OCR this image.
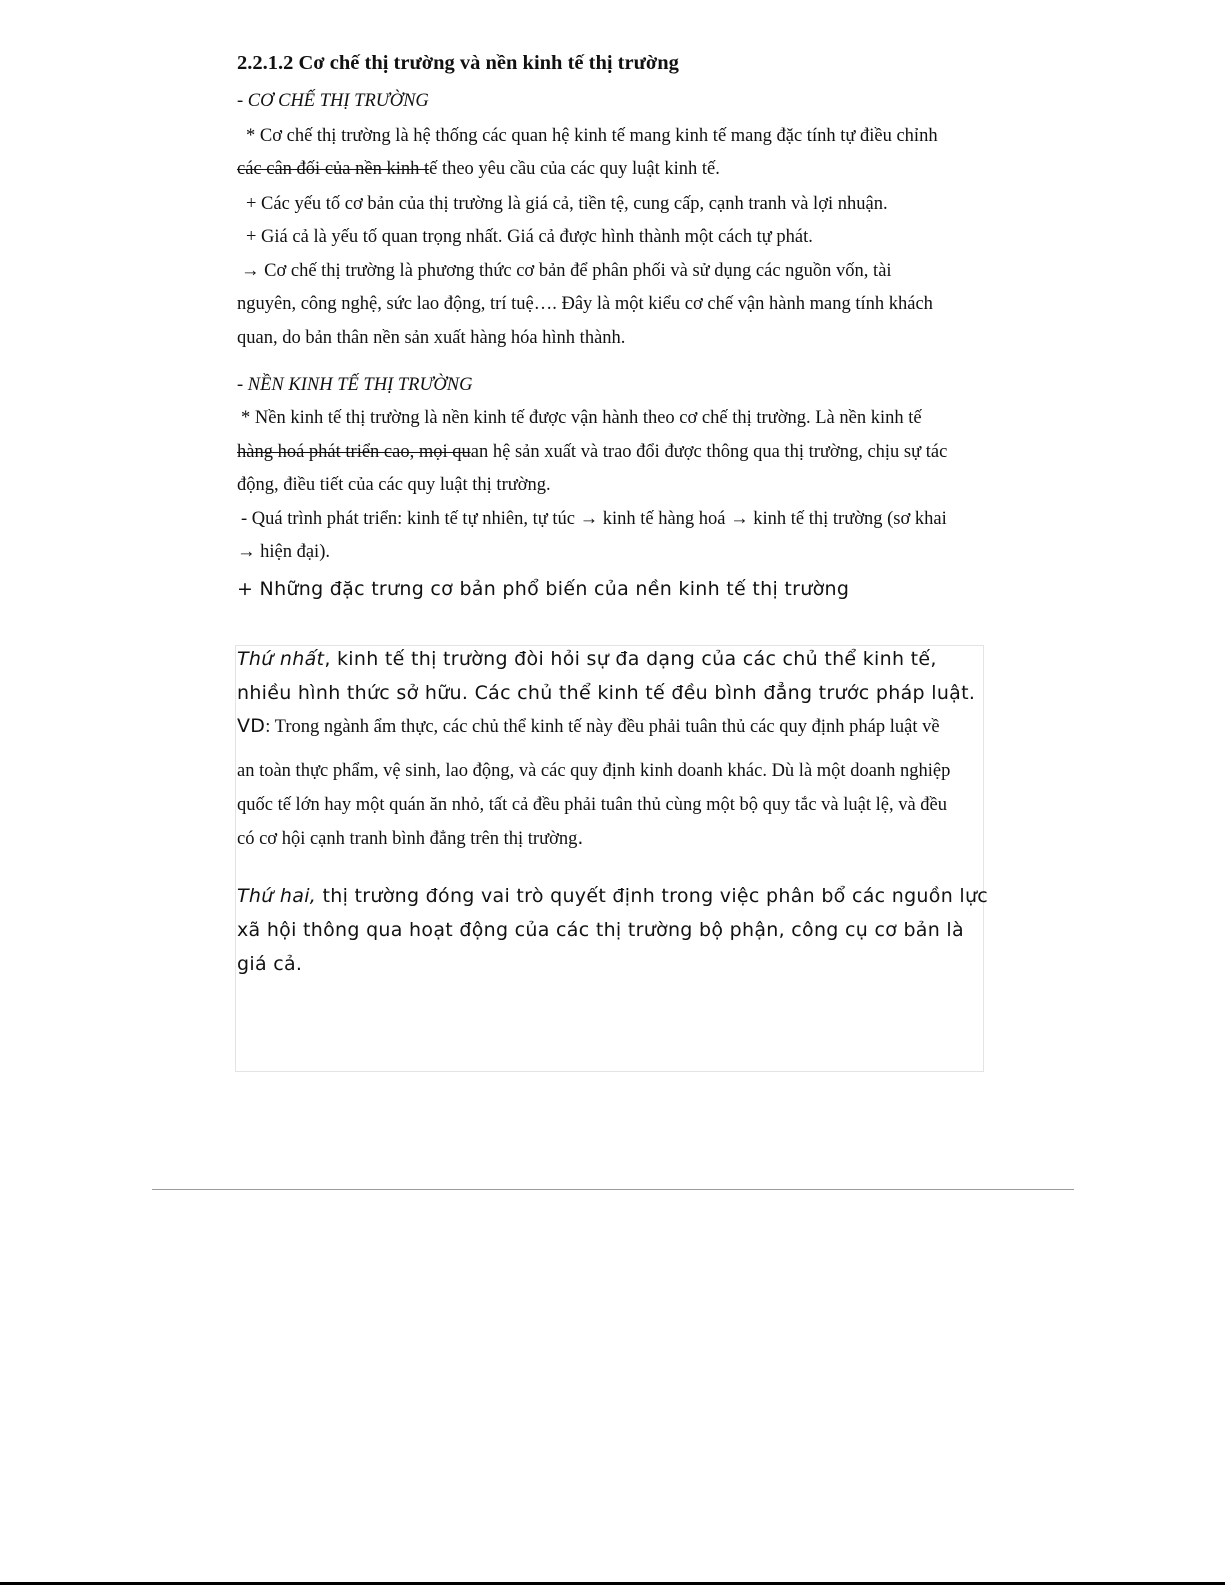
2.2.1.2 Cơ chế thị trường và nền kinh tế thị trường
- CƠ CHẾ THỊ TRƯỜNG
* Cơ chế thị trường là hệ thống các quan hệ kinh tế mang kinh tế mang đặc tính tự điều chỉnh
các cân đối của nền kinh tế theo yêu cầu của các quy luật kinh tế.
+ Các yếu tố cơ bản của thị trường là giá cả, tiền tệ, cung cấp, cạnh tranh và lợi nhuận.
+ Giá cả là yếu tố quan trọng nhất. Giá cả được hình thành một cách tự phát.
→ Cơ chế thị trường là phương thức cơ bản để phân phối và sử dụng các nguồn vốn, tài
nguyên, công nghệ, sức lao động, trí tuệ…. Đây là một kiểu cơ chế vận hành mang tính khách
quan, do bản thân nền sản xuất hàng hóa hình thành.
- NỀN KINH TẾ THỊ TRƯỜNG
* Nền kinh tế thị trường là nền kinh tế được vận hành theo cơ chế thị trường. Là nền kinh tế
hàng hoá phát triển cao, mọi quan hệ sản xuất và trao đổi được thông qua thị trường, chịu sự tác
động, điều tiết của các quy luật thị trường.
- Quá trình phát triển: kinh tế tự nhiên, tự túc → kinh tế hàng hoá → kinh tế thị trường (sơ khai
→ hiện đại).
+ Những đặc trưng cơ bản phổ biến của nền kinh tế thị trường
Thứ nhất, kinh tế thị trường đòi hỏi sự đa dạng của các chủ thể kinh tế,
nhiều hình thức sở hữu. Các chủ thể kinh tế đều bình đẳng trước pháp luật.
VD: Trong ngành ẩm thực, các chủ thể kinh tế này đều phải tuân thủ các quy định pháp luật về
an toàn thực phẩm, vệ sinh, lao động, và các quy định kinh doanh khác. Dù là một doanh nghiệp
quốc tế lớn hay một quán ăn nhỏ, tất cả đều phải tuân thủ cùng một bộ quy tắc và luật lệ, và đều
có cơ hội cạnh tranh bình đẳng trên thị trường.
Thứ hai, thị trường đóng vai trò quyết định trong việc phân bổ các nguồn lực
xã hội thông qua hoạt động của các thị trường bộ phận, công cụ cơ bản là
giá cả.
